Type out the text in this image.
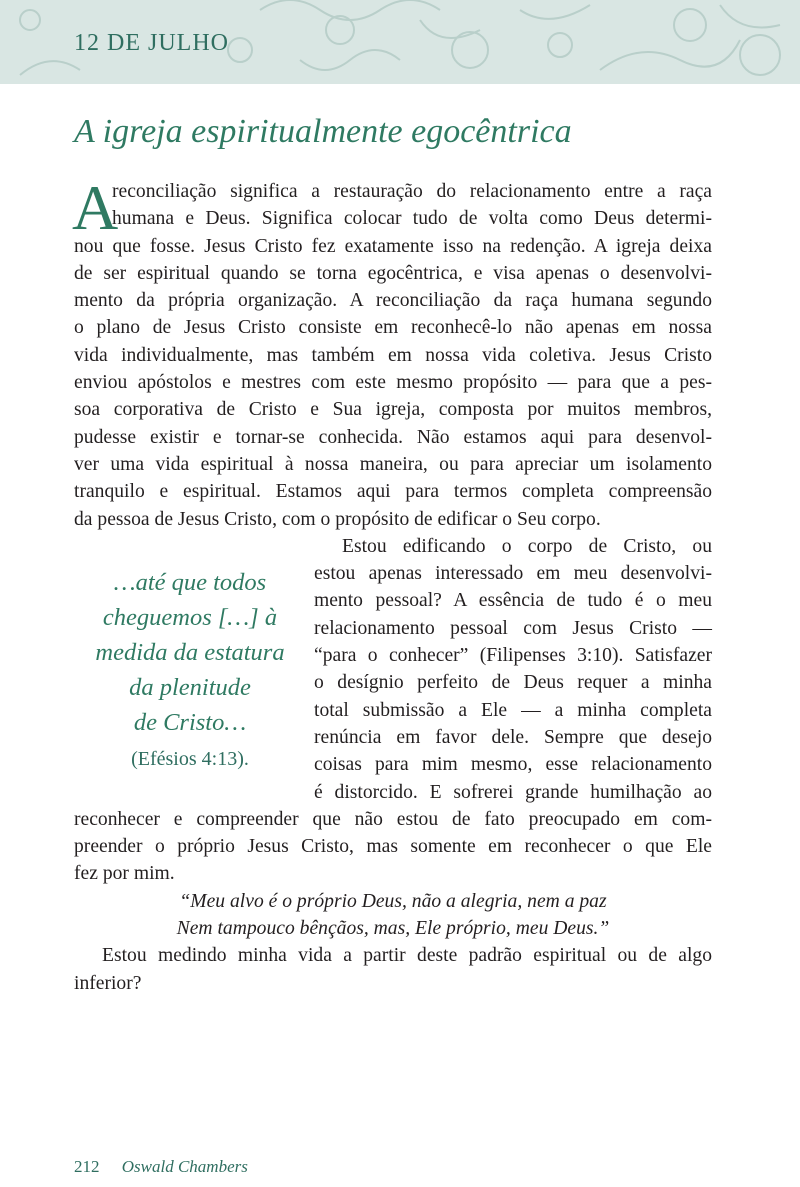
12 DE JULHO
A igreja espiritualmente egocêntrica
A
reconciliação significa a restauração do relacionamento entre a raça
humana e Deus. Significa colocar tudo de volta como Deus determi-
nou que fosse. Jesus Cristo fez exatamente isso na redenção. A igreja deixa
de ser espiritual quando se torna egocêntrica, e visa apenas o desenvolvi-
mento da própria organização. A reconciliação da raça humana segundo
o plano de Jesus Cristo consiste em reconhecê-lo não apenas em nossa
vida individualmente, mas também em nossa vida coletiva. Jesus Cristo
enviou apóstolos e mestres com este mesmo propósito — para que a pes-
soa corporativa de Cristo e Sua igreja, composta por muitos membros,
pudesse existir e tornar-se conhecida. Não estamos aqui para desenvol-
ver uma vida espiritual à nossa maneira, ou para apreciar um isolamento
tranquilo e espiritual. Estamos aqui para termos completa compreensão
da pessoa de Jesus Cristo, com o propósito de edificar o Seu corpo.
Estou edificando o corpo de Cristo, ou
estou apenas interessado em meu desenvolvi-
mento pessoal? A essência de tudo é o meu
relacionamento pessoal com Jesus Cristo —
“para o conhecer” (Filipenses 3:10). Satisfazer
o desígnio perfeito de Deus requer a minha
total submissão a Ele — a minha completa
renúncia em favor dele. Sempre que desejo
coisas para mim mesmo, esse relacionamento
é distorcido. E sofrerei grande humilhação ao
reconhecer e compreender que não estou de fato preocupado em com-
preender o próprio Jesus Cristo, mas somente em reconhecer o que Ele
fez por mim.
“Meu alvo é o próprio Deus, não a alegria, nem a paz
Nem tampouco bênçãos, mas, Ele próprio, meu Deus.”
Estou medindo minha vida a partir deste padrão espiritual ou de algo
inferior?
…até que todos
cheguemos […] à
medida da estatura
da plenitude
de Cristo…
(Efésios 4:13).
212 Oswald Chambers
